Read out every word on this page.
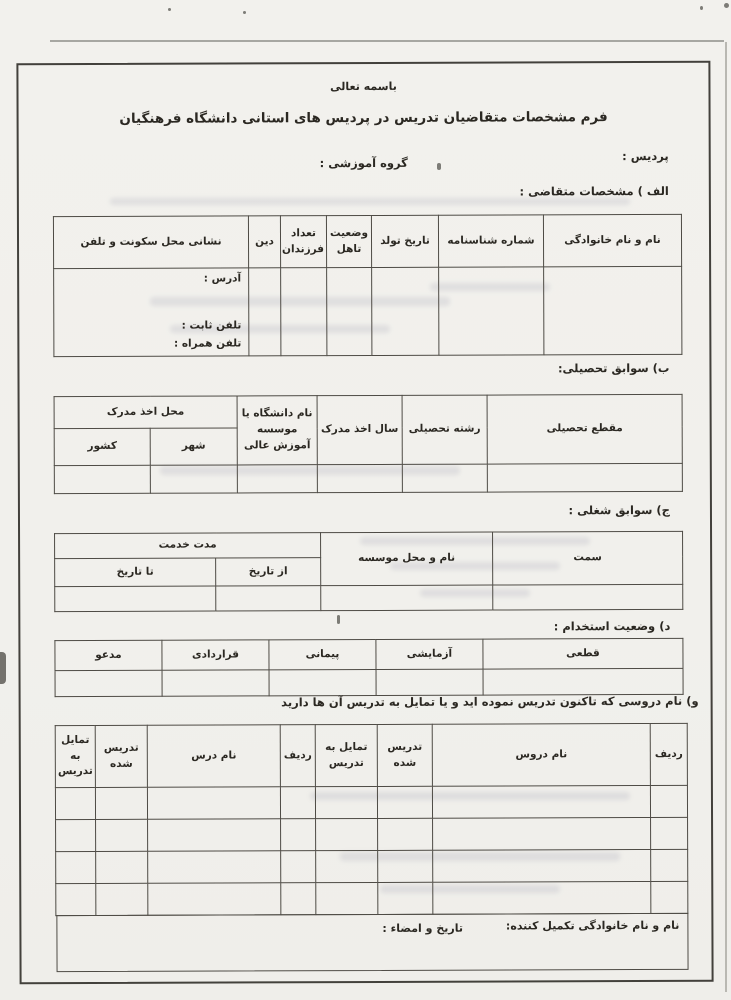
باسمه تعالی
فرم مشخصات متقاضیان تدریس در پردیس های استانی دانشگاه فرهنگیان
پردیس :
گروه آموزشی :
الف ) مشخصات متقاضی :
نام و نام خانوادگی	شماره شناسنامه	تاریخ تولد	وضعیت تاهل	تعداد فرزندان	دین	نشانی محل سکونت و تلفن

						آدرس :
تلفن ثابت :
تلفن همراه :
ب) سوابق تحصیلی:
مقطع تحصیلی	رشته تحصیلی	سال اخذ مدرک	نام دانشگاه یا موسسه آموزش عالی	محل اخذ مدرک	
				شهر	کشور

ج) سوابق شغلی :
سمت	نام و محل موسسه	مدت خدمت	
		از تاریخ	تا تاریخ

د) وضعیت استخدام :
قطعی	آزمایشی	پیمانی	قراردادی	مدعو

و) نام دروسی که تاکنون تدریس نموده اید و یا تمایل به تدریس آن ها دارید
ردیف	نام دروس	تدریس شده	تمایل به تدریس	ردیف	نام درس	تدریس شده	تمایل به تدریس

نام و نام خانوادگی تکمیل کننده:
تاریخ و امضاء :
